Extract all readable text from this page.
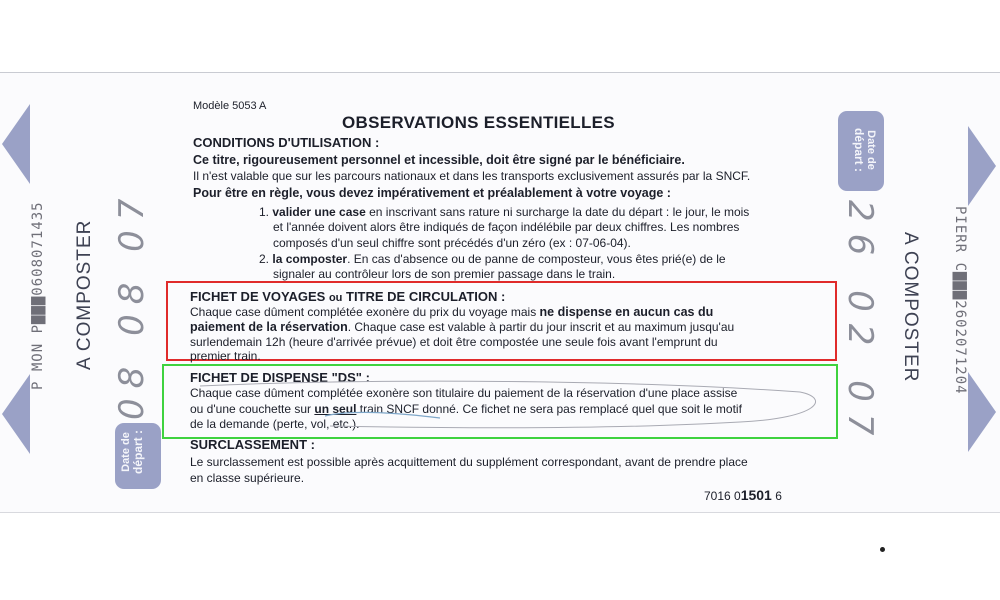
P MON P▇▇▇0608071435 A COMPOSTER
Date de départ :
08 08 07
Date de
départ :
26 02 07 A COMPOSTER PIERR C▇▇▇2602071204
Modèle 5053 A
OBSERVATIONS ESSENTIELLES
CONDITIONS D'UTILISATION :
Ce titre, rigoureusement personnel et incessible, doit être signé par le bénéficiaire.
Il n'est valable que sur les parcours nationaux et dans les transports exclusivement assurés par la SNCF.
Pour être en règle, vous devez impérativement et préalablement à votre voyage :
1. valider une case en inscrivant sans rature ni surcharge la date du départ : le jour, le mois
et l'année doivent alors être indiqués de façon indélébile par deux chiffres. Les nombres
composés d'un seul chiffre sont précédés d'un zéro (ex : 07-06-04).
2. la composter. En cas d'absence ou de panne de composteur, vous êtes prié(e) de le
signaler au contrôleur lors de son premier passage dans le train.
FICHET DE VOYAGES ou TITRE DE CIRCULATION :
Chaque case dûment complétée exonère du prix du voyage mais ne dispense en aucun cas du
paiement de la réservation. Chaque case est valable à partir du jour inscrit et au maximum jusqu'au
surlendemain 12h (heure d'arrivée prévue) et doit être compostée une seule fois avant l'emprunt du
premier train.
FICHET DE DISPENSE "DS" :
Chaque case dûment complétée exonère son titulaire du paiement de la réservation d'une place assise
ou d'une couchette sur un seul train SNCF donné. Ce fichet ne sera pas remplacé quel que soit le motif
de la demande (perte, vol, etc.).
SURCLASSEMENT :
Le surclassement est possible après acquittement du supplément correspondant, avant de prendre place
en classe supérieure.
7016 01501 6
